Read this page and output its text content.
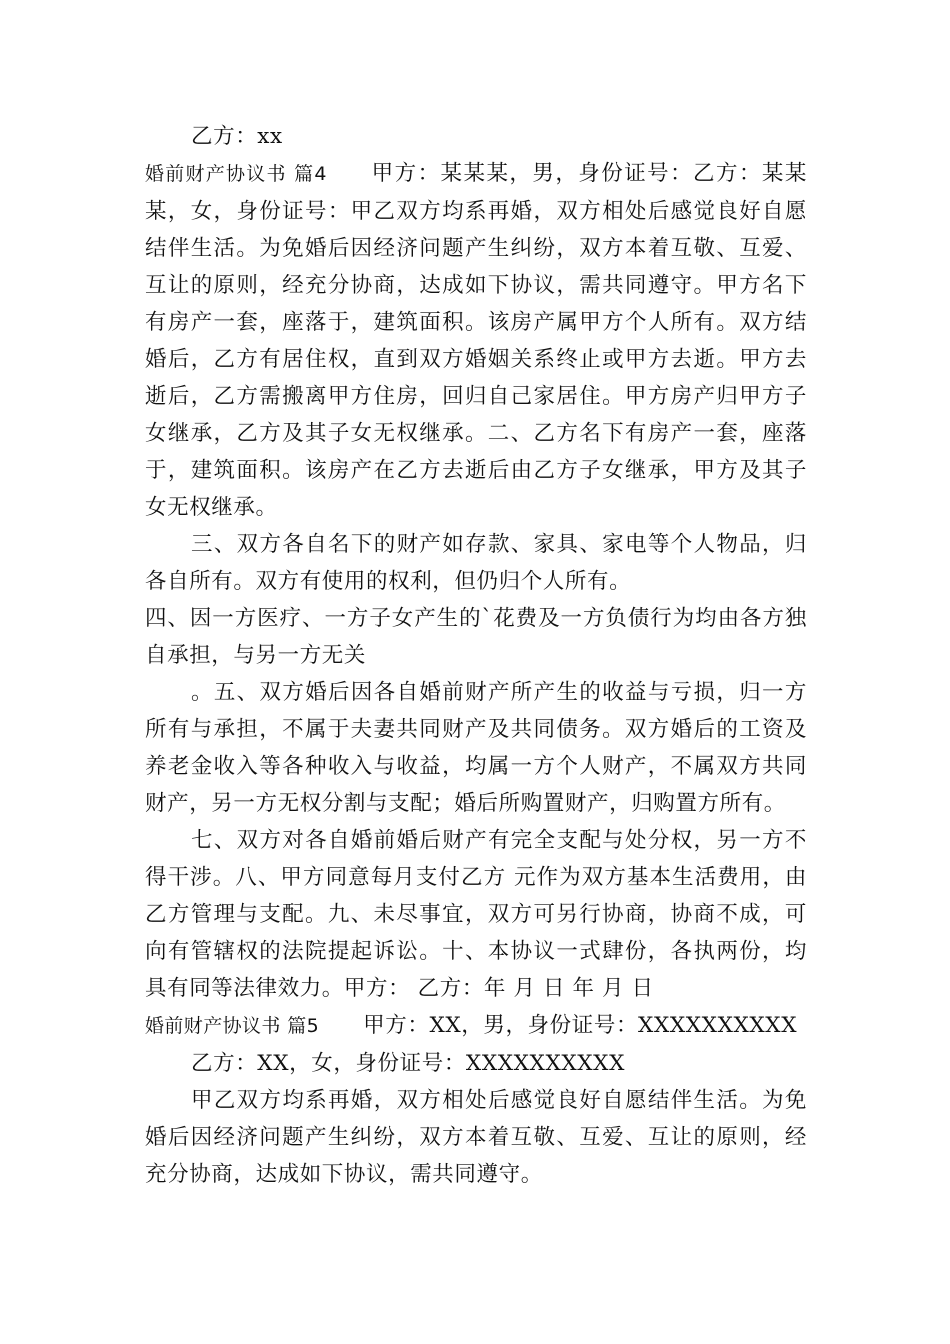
乙方：xx

婚前财产协议书 篇4 甲方：某某某，男，身份证号：乙方：某某某，女，身份证号：甲乙双方均系再婚，双方相处后感觉良好自愿结伴生活。为免婚后因经济问题产生纠纷，双方本着互敬、互爱、互让的原则，经充分协商，达成如下协议，需共同遵守。甲方名下有房产一套，座落于，建筑面积。该房产属甲方个人所有。双方结婚后，乙方有居住权，直到双方婚姻关系终止或甲方去逝。甲方去逝后，乙方需搬离甲方住房，回归自己家居住。甲方房产归甲方子女继承，乙方及其子女无权继承。二、乙方名下有房产一套，座落于，建筑面积。该房产在乙方去逝后由乙方子女继承，甲方及其子女无权继承。

三、双方各自名下的财产如存款、家具、家电等个人物品，归各自所有。双方有使用的权利，但仍归个人所有。

四、因一方医疗、一方子女产生的`花费及一方负债行为均由各方独自承担，与另一方无关

。五、双方婚后因各自婚前财产所产生的收益与亏损，归一方所有与承担，不属于夫妻共同财产及共同债务。双方婚后的工资及养老金收入等各种收入与收益，均属一方个人财产，不属双方共同财产，另一方无权分割与支配；婚后所购置财产，归购置方所有。

七、双方对各自婚前婚后财产有完全支配与处分权，另一方不得干涉。八、甲方同意每月支付乙方 元作为双方基本生活费用，由乙方管理与支配。九、未尽事宜，双方可另行协商，协商不成，可向有管辖权的法院提起诉讼。十、本协议一式肆份，各执两份，均具有同等法律效力。甲方： 乙方：年 月 日 年 月 日

婚前财产协议书 篇5 甲方：XX，男，身份证号：XXXXXXXXXX

乙方：XX，女，身份证号：XXXXXXXXXX

甲乙双方均系再婚，双方相处后感觉良好自愿结伴生活。为免婚后因经济问题产生纠纷，双方本着互敬、互爱、互让的原则，经充分协商，达成如下协议，需共同遵守。
